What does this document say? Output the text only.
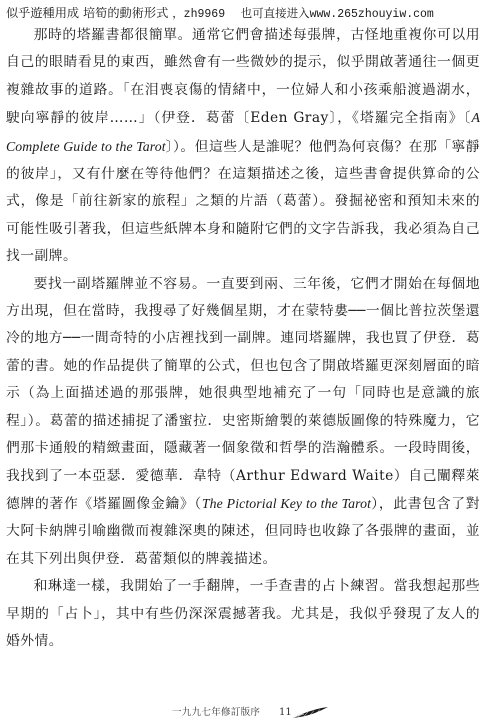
似乎遊種用成 培筍的動術形式 ，zh9969 也可直接进入www.265zhouyiw.com

那時的塔羅書都很簡單。通常它們會描述每張牌，古怪地重複你可以用自己的眼睛看見的東西，雖然會有一些微妙的提示，似乎開啟著通往一個更複雜故事的道路。「在泪喪哀傷的情緒中，一位婦人和小孩乘船渡過湖水，駛向寧靜的彼岸……」（伊登．葛蕾〔Eden Gray〕，《塔羅完全指南》〔A Complete Guide to the Tarot〕）。但這些人是誰呢？他們為何哀傷？在那「寧靜的彼岸」，又有什麼在等待他們？在這類描述之後，這些書會提供算命的公式，像是「前往新家的旅程」之類的片語（葛蕾）。發掘祕密和預知未來的可能性吸引著我，但這些紙牌本身和隨附它們的文字告訴我，我必須為自己找一副牌。

要找一副塔羅牌並不容易。一直要到兩、三年後，它們才開始在每個地方出現，但在當時，我搜尋了好幾個星期，才在蒙特婁──一個比普拉茨堡還冷的地方──一間奇特的小店裡找到一副牌。連同塔羅牌，我也買了伊登．葛蕾的書。她的作品提供了簡單的公式，但也包含了開啟塔羅更深刻層面的暗示（為上面描述過的那張牌，她很典型地補充了一句「同時也是意識的旅程」）。葛蕾的描述捕捉了潘蜜拉．史密斯繪製的萊德版圖像的特殊魔力，它們那卡通般的精緻畫面，隱藏著一個象徵和哲學的浩瀚體系。一段時間後，我找到了一本亞瑟．愛德華．韋特（Arthur Edward Waite）自己闡釋萊德牌的著作《塔羅圖像金鑰》（The Pictorial Key to the Tarot），此書包含了對大阿卡納牌引喻幽微而複雜深奧的陳述，但同時也收錄了各張牌的畫面，並在其下列出與伊登．葛蕾類似的牌義描述。

和琳達一樣，我開始了一手翻牌，一手查書的占卜練習。當我想起那些早期的「占卜」，其中有些仍深深震撼著我。尤其是，我似乎發現了友人的婚外情。

一九九七年修訂版序 11
